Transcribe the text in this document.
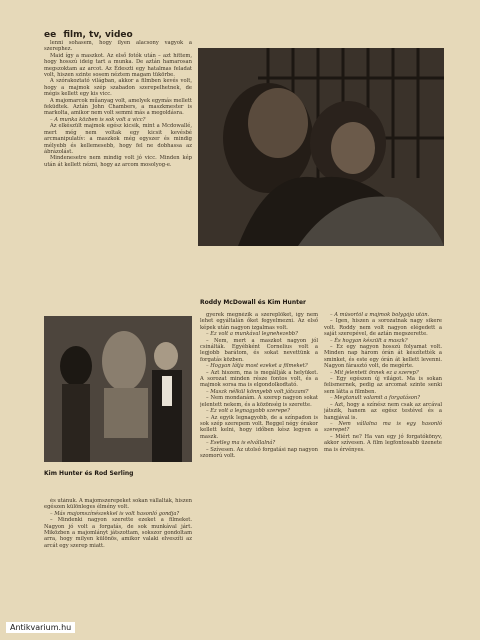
ee film, tv, video

lenni sohasem, hogy ilyen alacsony vagyok a szerephez.

Maid így a maszkot. Az első fotók után – azt hittem, hogy hosszú ideig tart a munka. De aztán hamarosan megszoktam az arcot. Az Édeszti egy hatalmas feladat volt, hiszen szinte sosem néztem magam tükörbe.

A szórakoztató világban, akkor a filmben kevés volt, hogy a majmok szép szabadon szerepelhetnek, de mégis kellett egy kis vicc.

A majomarcok műanyag volt, amelyek egymás mellett feküdtek. Aztán John Chambers, a maszkmester is markolta, amikor nem volt semmi más a megoldásra.

– A munka közben is sok volt a vicc?

Az elkészült majmok egész kicsik, mint a Mcdowallé, mert még nem voltak egy kicsit kevésbé arcmanipulatív: a maszkok még egyszer és mindig mélyebb és kellemesebb, hogy fel ne dobhassa az ábrázolást.

Mindenesetre nem mindig volt jó vicc. Minden kép után át kellett nézni, hogy az arcom mosolyog-e.

Roddy McDowall és Kim Hunter
Kim Hunter és Rod Serling

és utánuk. A majomszerepeket sokan vállalták, hiszen egészen különleges élmény volt.

– Más majomszínészekkel is volt hasonló gondja?

– Mindenki nagyon szerette ezeket a filmeket. Nagyon jó volt a forgatás, de sok munkával járt. Miközben a majomlányt játszottam, sokszor gondoltam arra, hogy milyen különös, amikor valaki elveszíti az arcát egy szerep miatt.

gyerek megnézik a szereplőket, így nem lehet egyáltalán őket fegyelmezni. Az első képek után nagyon izgalmas volt.

– Ez volt a munkával legnehezebb?

– Nem, mert a maszkot nagyon jól csinálták. Egyébként Cornelius volt a legjobb barátom, és sokat nevettünk a forgatás közben.

– Hogyan látja most ezeket a filmeket?

– Azt hiszem, ma is megállják a helyüket. A sorozat minden része fontos volt, és a majmok sorsa ma is elgondolkodtató.

– Maszk nélkül könnyebb volt játszani?

– Nem mondanám. A szerep nagyon sokat jelentett nekem, és a közönség is szerette.

– Ez volt a legnagyobb szerepe?

– Az egyik legnagyobb, de a színpadon is sok szép szerepem volt. Reggel négy órakor kellett kelni, hogy időben kész legyen a maszk.

– Esetleg ma is elvállalná?

– Szívesen. Az utolsó forgatási nap nagyon szomorú volt.

– A műsortól a majmok bolygója után.

– Igen, hiszen a sorozatnak nagy sikere volt. Roddy nem volt nagyon elégedett a saját szerepével, de aztán megszerette.

– És hogyan készült a maszk?

– Ez egy nagyon hosszú folyamat volt. Minden nap három órán át készítették a sminket, és este egy órán át kellett levenni. Nagyon fárasztó volt, de megérte.

– Mit jelentett önnek ez a szerep?

– Egy egészen új világot. Ma is sokan felismernek, pedig az arcomat szinte senki sem látta a filmben.

– Megtanult valamit a forgatáson?

– Azt, hogy a színész nem csak az arcával játszik, hanem az egész testével és a hangjával is.

– Nem vállalna ma is egy hasonló szerepet?

– Miért ne? Ha van egy jó forgatókönyv, akkor szívesen. A film legfontosabb üzenete ma is érvényes.

Antikvarium.hu
